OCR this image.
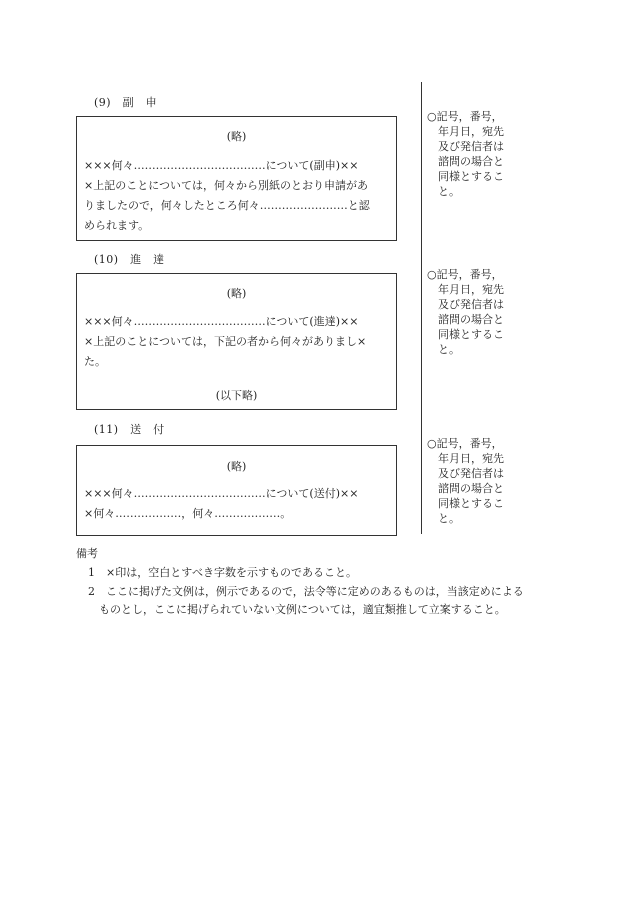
(9)　副　申
(略)
×××何々………………………………について(副申)××
×上記のことについては，何々から別紙のとおり申請があ
りましたので，何々したところ何々……………………と認
められます。
(10)　進　達
(略)
×××何々………………………………について(進達)××
×上記のことについては，下記の者から何々がありまし×
た。
(以下略)
(11)　送　付
(略)
×××何々………………………………について(送付)××
×何々………………，何々………………。
○記号，番号，
年月日，宛先
及び発信者は
諮問の場合と
同様とするこ
と。
○記号，番号，
年月日，宛先
及び発信者は
諮問の場合と
同様とするこ
と。
○記号，番号，
年月日，宛先
及び発信者は
諮問の場合と
同様とするこ
と。
備考
1　×印は，空白とすべき字数を示すものであること。
2　ここに掲げた文例は，例示であるので，法令等に定めのあるものは，当該定めによる
　ものとし，ここに掲げられていない文例については，適宜類推して立案すること。
